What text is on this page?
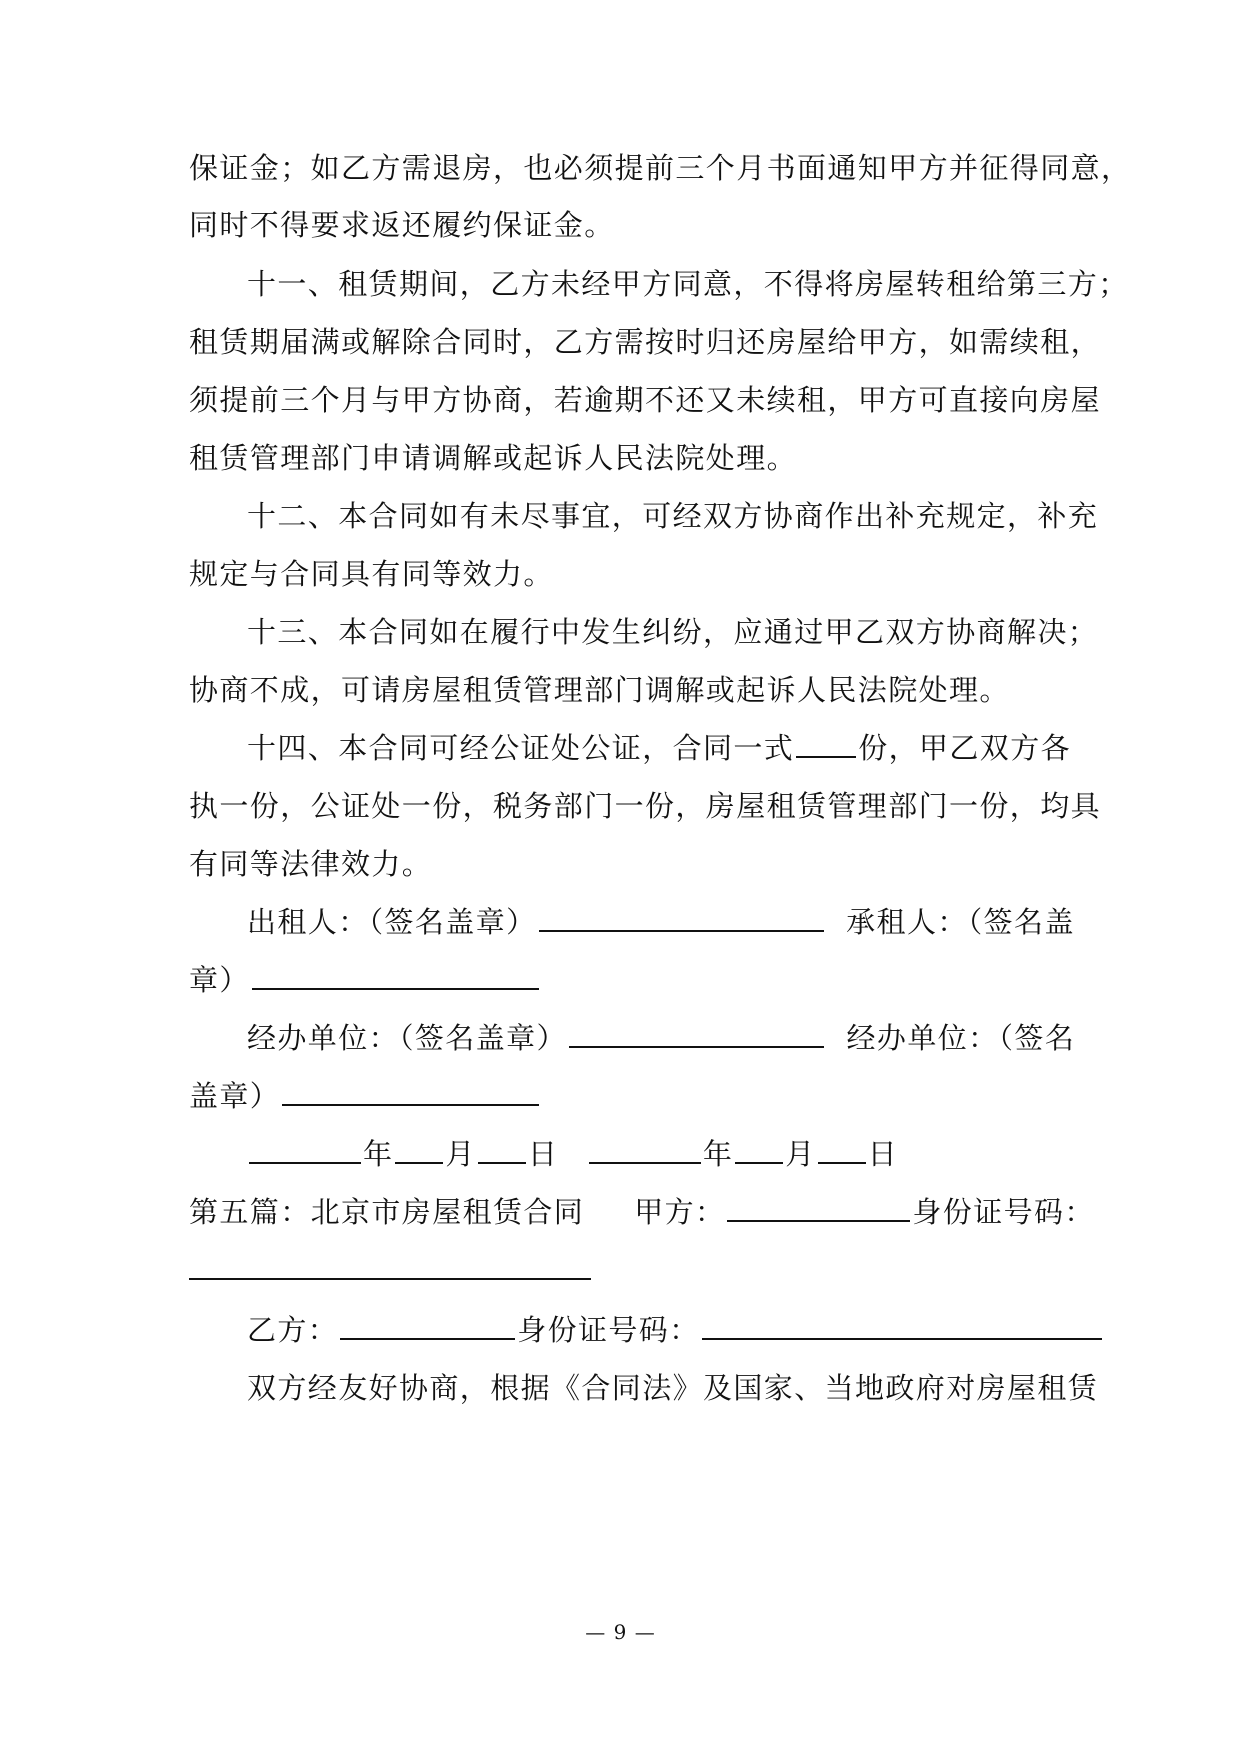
保证金；如乙方需退房，也必须提前三个月书面通知甲方并征得同意，
同时不得要求返还履约保证金。
十一、租赁期间，乙方未经甲方同意，不得将房屋转租给第三方；
租赁期届满或解除合同时，乙方需按时归还房屋给甲方，如需续租，
须提前三个月与甲方协商，若逾期不还又未续租，甲方可直接向房屋
租赁管理部门申请调解或起诉人民法院处理。
十二、本合同如有未尽事宜，可经双方协商作出补充规定，补充
规定与合同具有同等效力。
十三、本合同如在履行中发生纠纷，应通过甲乙双方协商解决；
协商不成，可请房屋租赁管理部门调解或起诉人民法院处理。
十四、本合同可经公证处公证，合同一式 份，甲乙双方各
执一份，公证处一份，税务部门一份，房屋租赁管理部门一份，均具
有同等法律效力。
出租人：（签名盖章）	承租人：（签名盖
章）
经办单位：（签名盖章）	经办单位：（签名
盖章）
年 月 日	年 月 日
第五篇：北京市房屋租赁合同 甲方：	身份证号码：
乙方：	身份证号码：
双方经友好协商，根据《合同法》及国家、当地政府对房屋租赁
— 9 —
